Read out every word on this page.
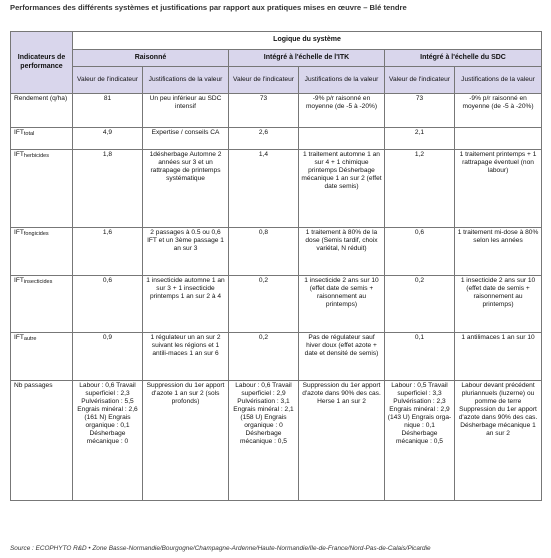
Performances des différents systèmes et justifications par rapport aux pratiques mises en œuvre – Blé tendre
Indicateurs de performance	Logique du système					
	Raisonné		Intégré à l'échelle de l'ITK		Intégré à l'échelle du SDC	
	Valeur de l'indicateur	Justifications de la valeur	Valeur de l'indicateur	Justifications de la valeur	Valeur de l'indicateur	Justifications de la valeur
Rendement (q/ha)	81	Un peu inférieur au SDC intensif	73	-9% p/r raisonné en moyenne (de -5 à -20%)	73	-9% p/r raisonné en moyenne (de -5 à -20%)
$IFT_{total}$	4,9	Expertise / conseils CA	2,6		2,1	
$IFT_{herbicides}$	1,8	1désherbage Automne 2 années sur 3 et un rattrapage de printemps systématique	1,4	1 traitement automne 1 an sur 4 + 1 chimique printemps Désherbage mécanique 1 an sur 2 (effet date semis)	1,2	1 traitement printemps + 1 rattrapage éventuel (non labour)
$IFT_{fongicides}$	1,6	2 passages à 0.5 ou 0,6 IFT et un 3ème passage 1 an sur 3	0,8	1 traitement à 80% de la dose (Semis tardif, choix variétal, N réduit)	0,6	1 traitement mi-dose à 80% selon les années
$IFT_{insecticides}$	0,6	1 insecticide automne 1 an sur 3 + 1 insecticide printemps 1 an sur 2 à 4	0,2	1 insecticide 2 ans sur 10 (effet date de semis + raisonnement au printemps)	0,2	1 insecticide 2 ans sur 10 (effet date de semis + raisonnement au printemps)
$IFT_{autre}$	0,9	1 régulateur un an sur 2 suivant les régions et 1 antili-maces 1 an sur 6	0,2	Pas de régulateur sauf hiver doux (effet azote + date et densité de semis)	0,1	1 antilimaces 1 an sur 10
Nb passages	Labour : 0,6 Travail superficiel : 2,3 Pulvérisation : 5,5 Engrais minéral : 2,6 (161 N) Engrais organique : 0,1 Désherbage mécanique : 0	Suppression du 1er apport d'azote 1 an sur 2 (sols profonds)	Labour : 0,6 Travail superficiel : 2,9 Pulvérisation : 3,1 Engrais minéral : 2,1 (158 U) Engrais organique : 0 Désherbage mécanique : 0,5	Suppression du 1er apport d'azote dans 90% des cas. Herse 1 an sur 2	Labour : 0,5 Travail superficiel : 3,3 Pulvérisation : 2,3 Engrais minéral : 2,9 (143 U) Engrais orga-nique : 0,1 Désherbage mécanique : 0,5	Labour devant précédent pluriannuels (luzerne) ou pomme de terre Suppression du 1er apport d'azote dans 90% des cas. Désherbage mécanique 1 an sur 2
Source : ECOPHYTO R&D • Zone Basse-Normandie/Bourgogne/Champagne-Ardenne/Haute-Normandie/Ile-de-France/Nord-Pas-de-Calais/Picardie
